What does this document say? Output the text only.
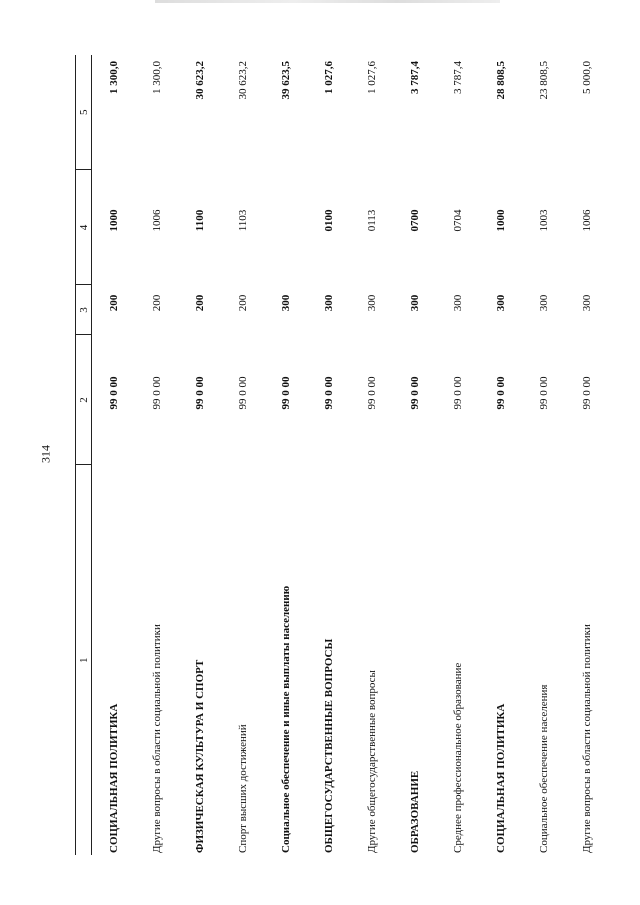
314
1	2	3	4	5
СОЦИАЛЬНАЯ ПОЛИТИКА	99 0 00	200	1000	1 300,0
Другие вопросы в области социальной политики	99 0 00	200	1006	1 300,0
ФИЗИЧЕСКАЯ КУЛЬТУРА И СПОРТ	99 0 00	200	1100	30 623,2
Спорт высших достижений	99 0 00	200	1103	30 623,2
Социальное обеспечение и иные выплаты населению	99 0 00	300		39 623,5
ОБЩЕГОСУДАРСТВЕННЫЕ ВОПРОСЫ	99 0 00	300	0100	1 027,6
Другие общегосударственные вопросы	99 0 00	300	0113	1 027,6
ОБРАЗОВАНИЕ	99 0 00	300	0700	3 787,4
Среднее профессиональное образование	99 0 00	300	0704	3 787,4
СОЦИАЛЬНАЯ ПОЛИТИКА	99 0 00	300	1000	28 808,5
Социальное обеспечение населения	99 0 00	300	1003	23 808,5
Другие вопросы в области социальной политики	99 0 00	300	1006	5 000,0
